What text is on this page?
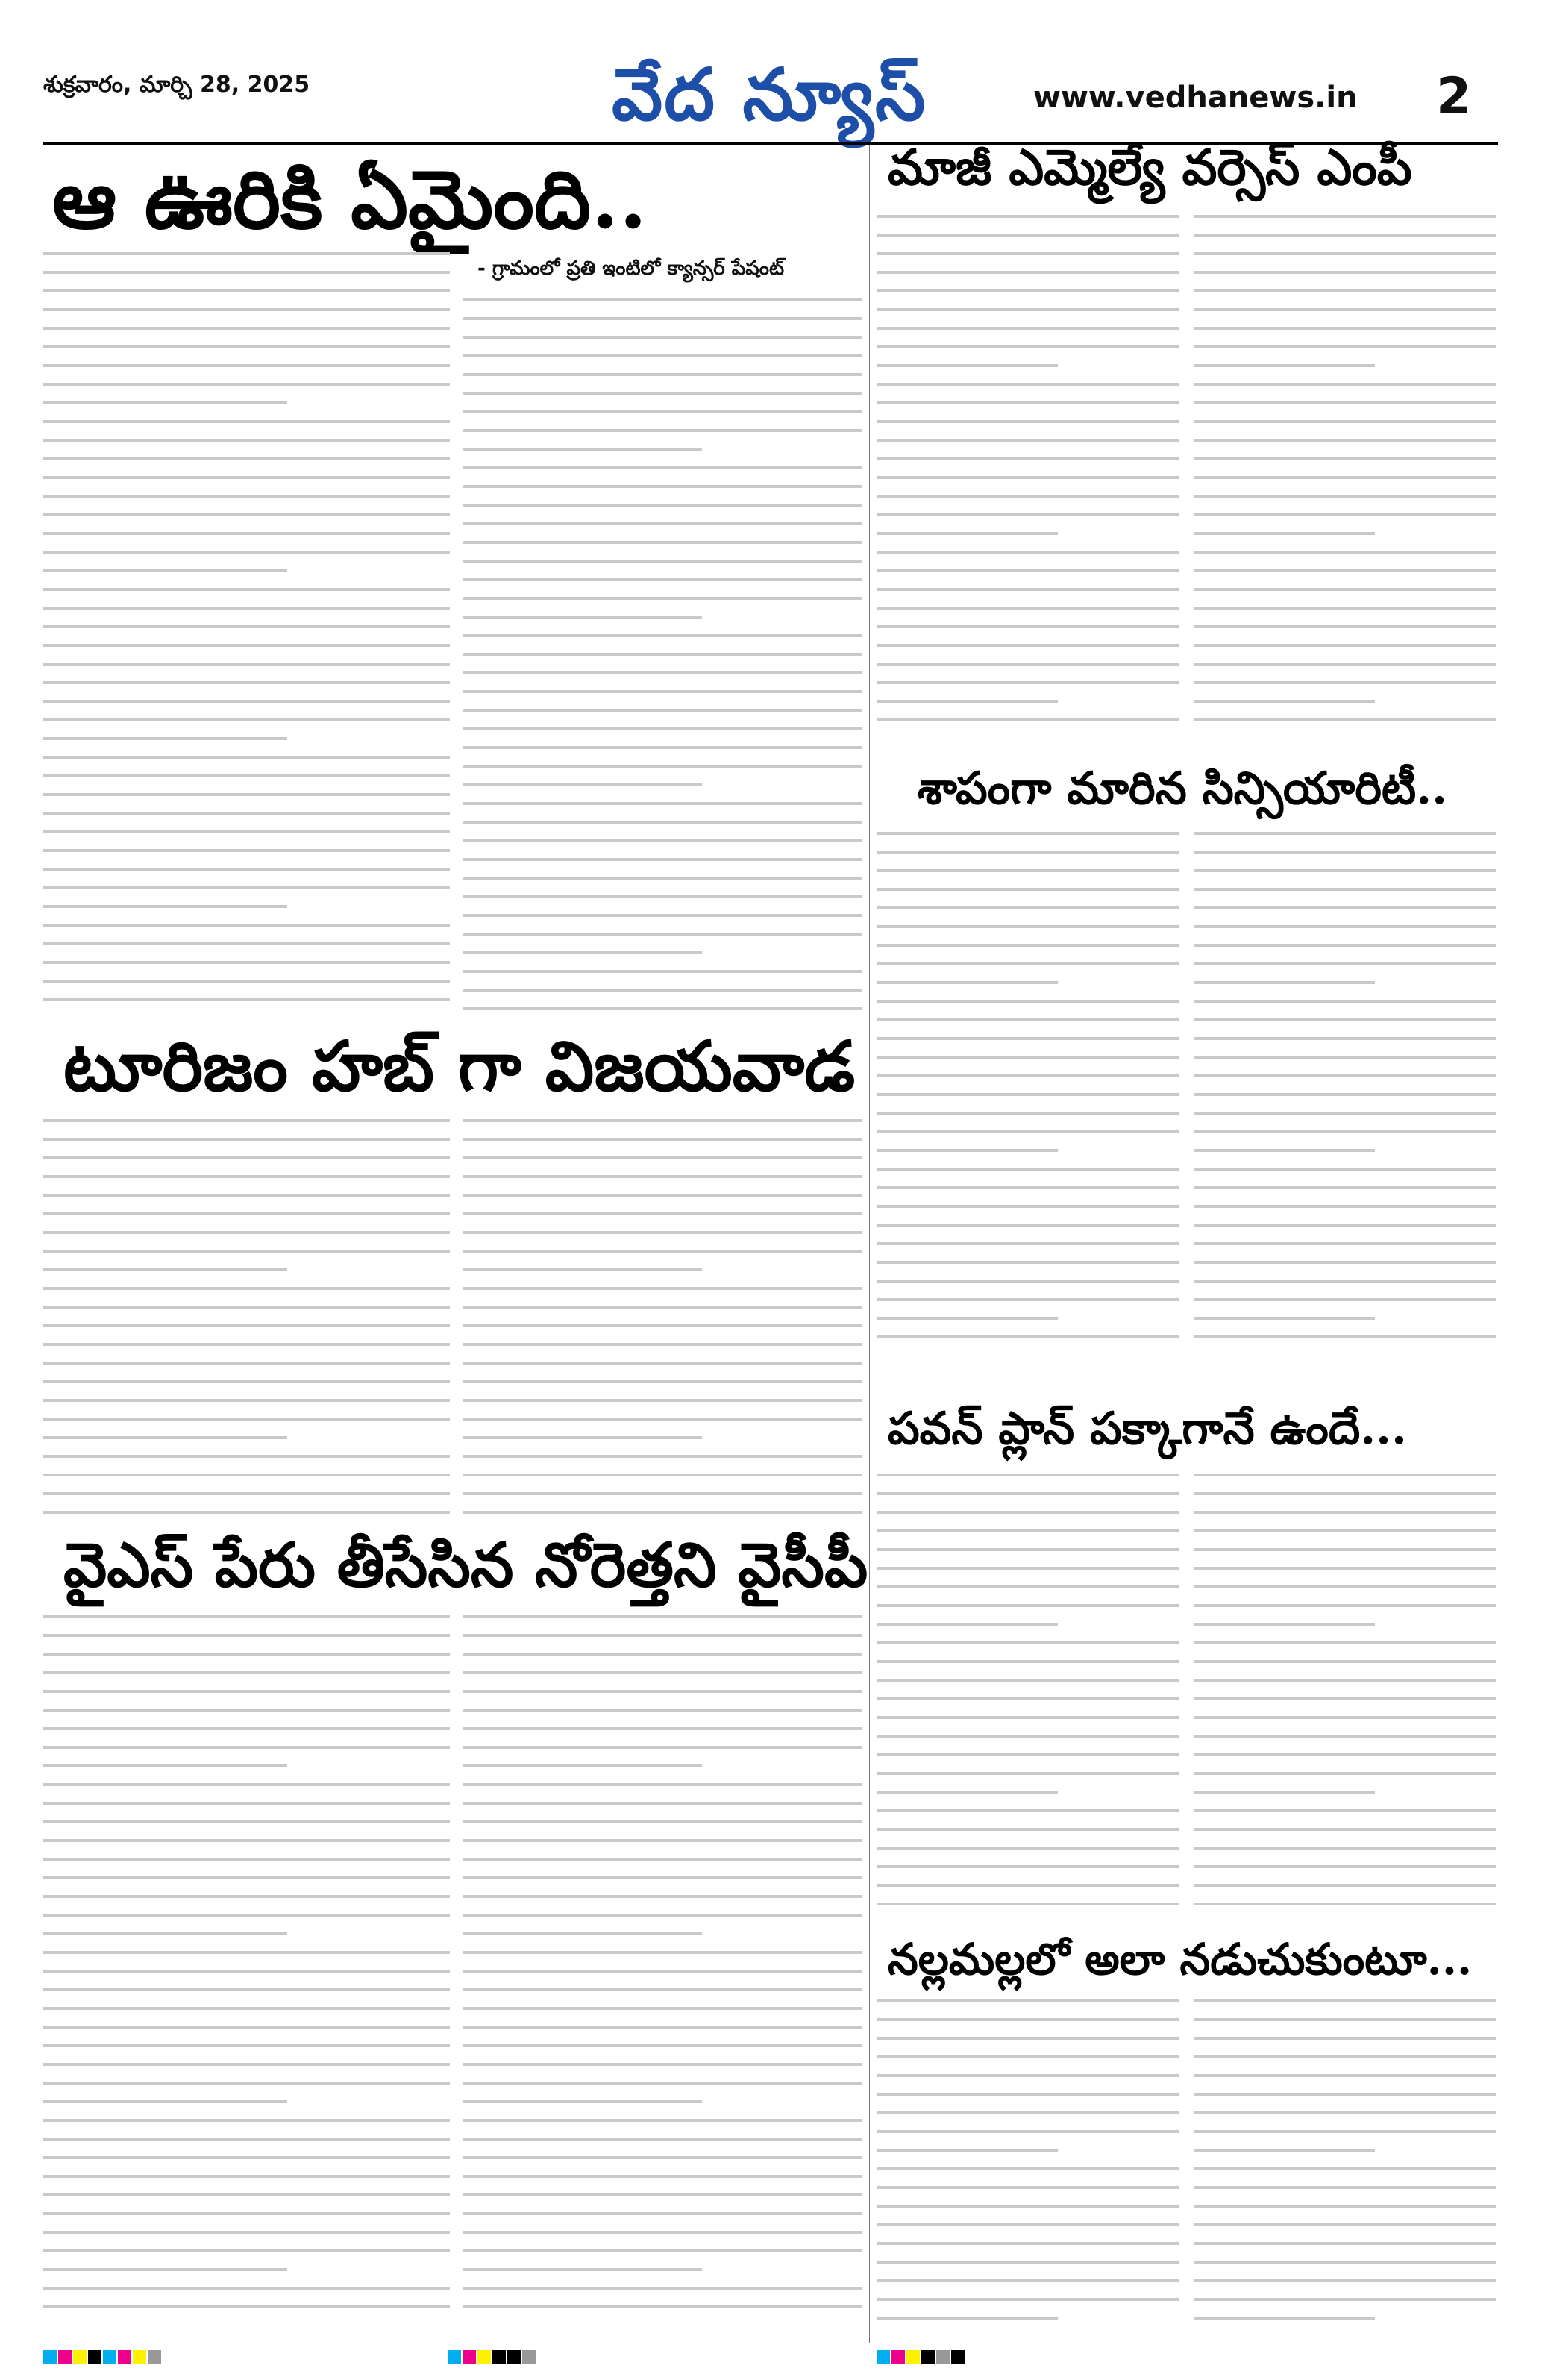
శుక్రవారం, మార్చి 28, 2025	వేద న్యూస్	www.vedhanews.in 2
ఆ ఊరికి ఏమైంది..
- గ్రామంలో ప్రతి ఇంటిలో క్యాన్సర్ పేషంట్
మాజీ ఎమ్మెల్యే వర్సెస్ ఎంపీ
శాపంగా మారిన సిన్సియారిటీ..
టూరిజం హబ్ గా విజయవాడ
పవన్ ప్లాన్ పక్కాగానే ఉందే...
వైఎస్ పేరు తీసేసిన నోరెత్తని వైసీపీ
నల్లమల్లలో అలా నడుచుకుంటూ...
